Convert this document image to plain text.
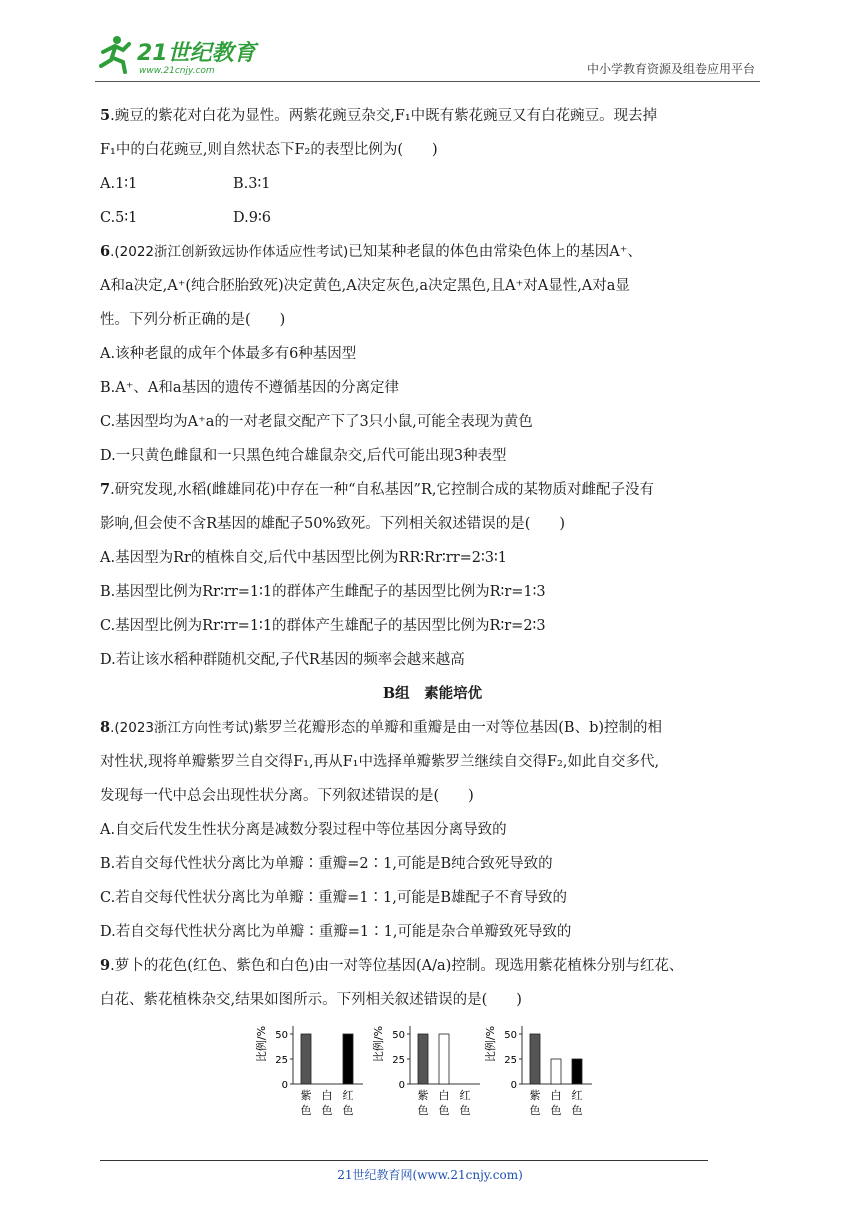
21世纪教育
www.21cnjy.com	中小学教育资源及组卷应用平台
5.豌豆的紫花对白花为显性。两紫花豌豆杂交,F₁中既有紫花豌豆又有白花豌豆。现去掉
F₁中的白花豌豆,则自然状态下F₂的表型比例为(　　)
A.1∶1	B.3∶1
C.5∶1	D.9∶6
6.(2022浙江创新致远协作体适应性考试)已知某种老鼠的体色由常染色体上的基因A⁺、
A和a决定,A⁺(纯合胚胎致死)决定黄色,A决定灰色,a决定黑色,且A⁺对A显性,A对a显
性。下列分析正确的是(　　)
A.该种老鼠的成年个体最多有6种基因型
B.A⁺、A和a基因的遗传不遵循基因的分离定律
C.基因型均为A⁺a的一对老鼠交配产下了3只小鼠,可能全表现为黄色
D.一只黄色雌鼠和一只黑色纯合雄鼠杂交,后代可能出现3种表型
7.研究发现,水稻(雌雄同花)中存在一种“自私基因”R,它控制合成的某物质对雌配子没有
影响,但会使不含R基因的雄配子50%致死。下列相关叙述错误的是(　　)
A.基因型为Rr的植株自交,后代中基因型比例为RR∶Rr∶rr=2∶3∶1
B.基因型比例为Rr∶rr=1∶1的群体产生雌配子的基因型比例为R∶r=1∶3
C.基因型比例为Rr∶rr=1∶1的群体产生雄配子的基因型比例为R∶r=2∶3
D.若让该水稻种群随机交配,子代R基因的频率会越来越高
B组　素能培优
8.(2023浙江方向性考试)紫罗兰花瓣形态的单瓣和重瓣是由一对等位基因(B、b)控制的相
对性状,现将单瓣紫罗兰自交得F₁,再从F₁中选择单瓣紫罗兰继续自交得F₂,如此自交多代,
发现每一代中总会出现性状分离。下列叙述错误的是(　　)
A.自交后代发生性状分离是减数分裂过程中等位基因分离导致的
B.若自交每代性状分离比为单瓣∶重瓣=2∶1,可能是B纯合致死导致的
C.若自交每代性状分离比为单瓣∶重瓣=1∶1,可能是B雄配子不育导致的
D.若自交每代性状分离比为单瓣∶重瓣=1∶1,可能是杂合单瓣致死导致的
9.萝卜的花色(红色、紫色和白色)由一对等位基因(A/a)控制。现选用紫花植株分别与红花、
白花、紫花植株杂交,结果如图所示。下列相关叙述错误的是(　　)
比例/%
0
25
50
紫
色
白
色
红
色
比例/%
0
25
50
紫
色
白
色
红
色
比例/%
0
25
50
紫
色
白
色
红
色
21世纪教育网(www.21cnjy.com)
